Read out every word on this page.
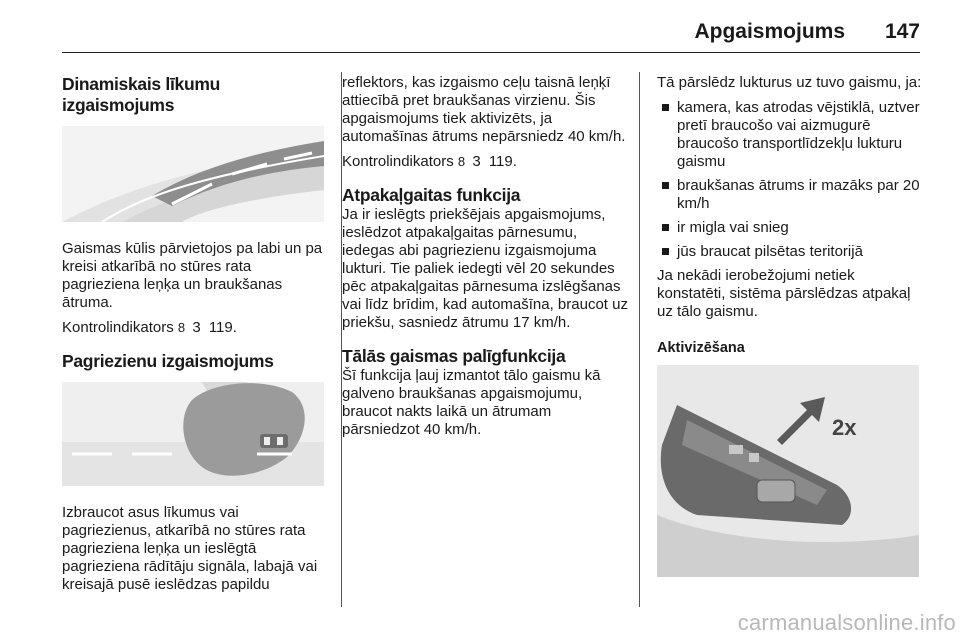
Apgaismojums 147
Dinamiskais līkumu izgaismojums

Gaismas kūlis pārvietojos pa labi un pa kreisi atkarībā no stūres rata pagrieziena leņķa un braukšanas ātruma.

Kontrolindikators 8 3 119.

Pagriezienu izgaismojums

Izbraucot asus līkumus vai pagriezienus, atkarībā no stūres rata pagrieziena leņķa un ieslēgtā pagrieziena rādītāju signāla, labajā vai kreisajā pusē ieslēdzas papildu

reflektors, kas izgaismo ceļu taisnā leņķī attiecībā pret braukšanas virzienu. Šis apgaismojums tiek aktivizēts, ja automašīnas ātrums nepārsniedz 40 km/h.

Kontrolindikators 8 3 119.

Atpakaļgaitas funkcija

Ja ir ieslēgts priekšējais apgaismojums, ieslēdzot atpakaļgaitas pārnesumu, iedegas abi pagriezienu izgaismojuma lukturi. Tie paliek iedegti vēl 20 sekundes pēc atpakaļgaitas pārnesuma izslēgšanas vai līdz brīdim, kad automašīna, braucot uz priekšu, sasniedz ātrumu 17 km/h.

Tālās gaismas palīgfunkcija

Šī funkcija ļauj izmantot tālo gaismu kā galveno braukšanas apgaismojumu, braucot nakts laikā un ātrumam pārsniedzot 40 km/h.

Tā pārslēdz lukturus uz tuvo gaismu, ja:

kamera, kas atrodas vējstiklā, uztver pretī braucošo vai aizmugurē braucošo transportlīdzekļu lukturu gaismu
braukšanas ātrums ir mazāks par 20 km/h
ir migla vai snieg
jūs braucat pilsētas teritorijā

Ja nekādi ierobežojumi netiek konstatēti, sistēma pārslēdzas atpakaļ uz tālo gaismu.

Aktivizēšana
2x
carmanualsonline.info
